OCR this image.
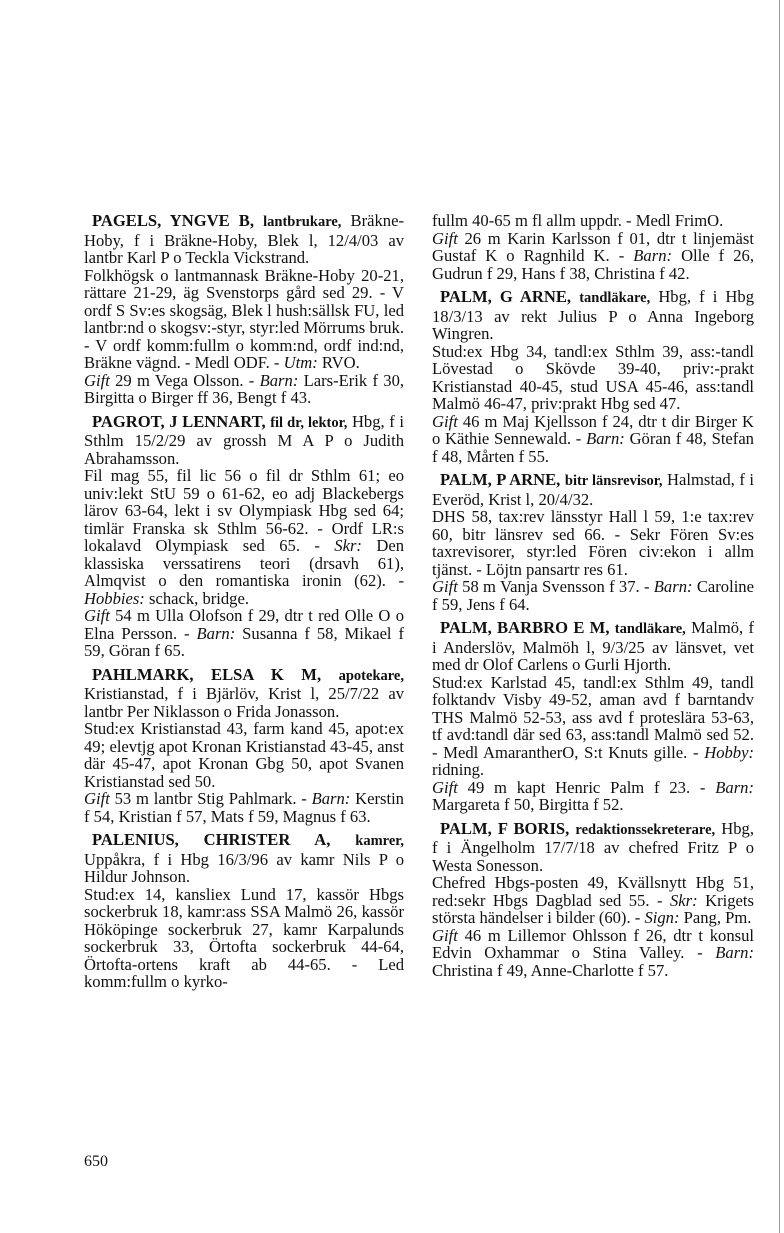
PAGELS, YNGVE B, lantbrukare, Bräkne-Hoby, f i Bräkne-Hoby, Blek l, 12/4/03 av lantbr Karl P o Teckla Vickstrand.

Folkhögsk o lantmannask Bräkne-Hoby 20-21, rättare 21-29, äg Svenstorps gård sed 29. - V ordf S Sv:es skogsäg, Blek l hush:sällsk FU, led lantbr:nd o skogsv:-styr, styr:led Mörrums bruk. - V ordf komm:fullm o komm:nd, ordf ind:nd, Bräkne vägnd. - Medl ODF. - Utm: RVO.

Gift 29 m Vega Olsson. - Barn: Lars-Erik f 30, Birgitta o Birger ff 36, Bengt f 43.

PAGROT, J LENNART, fil dr, lektor, Hbg, f i Sthlm 15/2/29 av grossh M A P o Judith Abrahamsson.

Fil mag 55, fil lic 56 o fil dr Sthlm 61; eo univ:lekt StU 59 o 61-62, eo adj Blackebergs lärov 63-64, lekt i sv Olympiask Hbg sed 64; timlär Franska sk Sthlm 56-62. - Ordf LR:s lokalavd Olympiask sed 65. - Skr: Den klassiska verssatirens teori (drsavh 61), Almqvist o den romantiska ironin (62). - Hobbies: schack, bridge.

Gift 54 m Ulla Olofson f 29, dtr t red Olle O o Elna Persson. - Barn: Susanna f 58, Mikael f 59, Göran f 65.

PAHLMARK, ELSA K M, apotekare, Kristianstad, f i Bjärlöv, Krist l, 25/7/22 av lantbr Per Niklasson o Frida Jonasson.

Stud:ex Kristianstad 43, farm kand 45, apot:ex 49; elevtjg apot Kronan Kristianstad 43-45, anst där 45-47, apot Kronan Gbg 50, apot Svanen Kristianstad sed 50.

Gift 53 m lantbr Stig Pahlmark. - Barn: Kerstin f 54, Kristian f 57, Mats f 59, Magnus f 63.

PALENIUS, CHRISTER A, kamrer, Uppåkra, f i Hbg 16/3/96 av kamr Nils P o Hildur Johnson.

Stud:ex 14, kansliex Lund 17, kassör Hbgs sockerbruk 18, kamr:ass SSA Malmö 26, kassör Hököpinge sockerbruk 27, kamr Karpalunds sockerbruk 33, Örtofta sockerbruk 44-64, Örtofta-ortens kraft ab 44-65. - Led komm:fullm o kyrko-

fullm 40-65 m fl allm uppdr. - Medl FrimO.

Gift 26 m Karin Karlsson f 01, dtr t linjemäst Gustaf K o Ragnhild K. - Barn: Olle f 26, Gudrun f 29, Hans f 38, Christina f 42.

PALM, G ARNE, tandläkare, Hbg, f i Hbg 18/3/13 av rekt Julius P o Anna Ingeborg Wingren.

Stud:ex Hbg 34, tandl:ex Sthlm 39, ass:-tandl Lövestad o Skövde 39-40, priv:-prakt Kristianstad 40-45, stud USA 45-46, ass:tandl Malmö 46-47, priv:prakt Hbg sed 47.

Gift 46 m Maj Kjellsson f 24, dtr t dir Birger K o Käthie Sennewald. - Barn: Göran f 48, Stefan f 48, Mårten f 55.

PALM, P ARNE, bitr länsrevisor, Halmstad, f i Everöd, Krist l, 20/4/32.

DHS 58, tax:rev länsstyr Hall l 59, 1:e tax:rev 60, bitr länsrev sed 66. - Sekr Fören Sv:es taxrevisorer, styr:led Fören civ:ekon i allm tjänst. - Löjtn pansartr res 61.

Gift 58 m Vanja Svensson f 37. - Barn: Caroline f 59, Jens f 64.

PALM, BARBRO E M, tandläkare, Malmö, f i Anderslöv, Malmöh l, 9/3/25 av länsvet, vet med dr Olof Carlens o Gurli Hjorth.

Stud:ex Karlstad 45, tandl:ex Sthlm 49, tandl folktandv Visby 49-52, aman avd f barntandv THS Malmö 52-53, ass avd f proteslära 53-63, tf avd:tandl där sed 63, ass:tandl Malmö sed 52. - Medl AmarantherO, S:t Knuts gille. - Hobby: ridning.

Gift 49 m kapt Henric Palm f 23. - Barn: Margareta f 50, Birgitta f 52.

PALM, F BORIS, redaktionssekreterare, Hbg, f i Ängelholm 17/7/18 av chefred Fritz P o Westa Sonesson.

Chefred Hbgs-posten 49, Kvällsnytt Hbg 51, red:sekr Hbgs Dagblad sed 55. - Skr: Krigets största händelser i bilder (60). - Sign: Pang, Pm.

Gift 46 m Lillemor Ohlsson f 26, dtr t konsul Edvin Oxhammar o Stina Valley. - Barn: Christina f 49, Anne-Charlotte f 57.

650
